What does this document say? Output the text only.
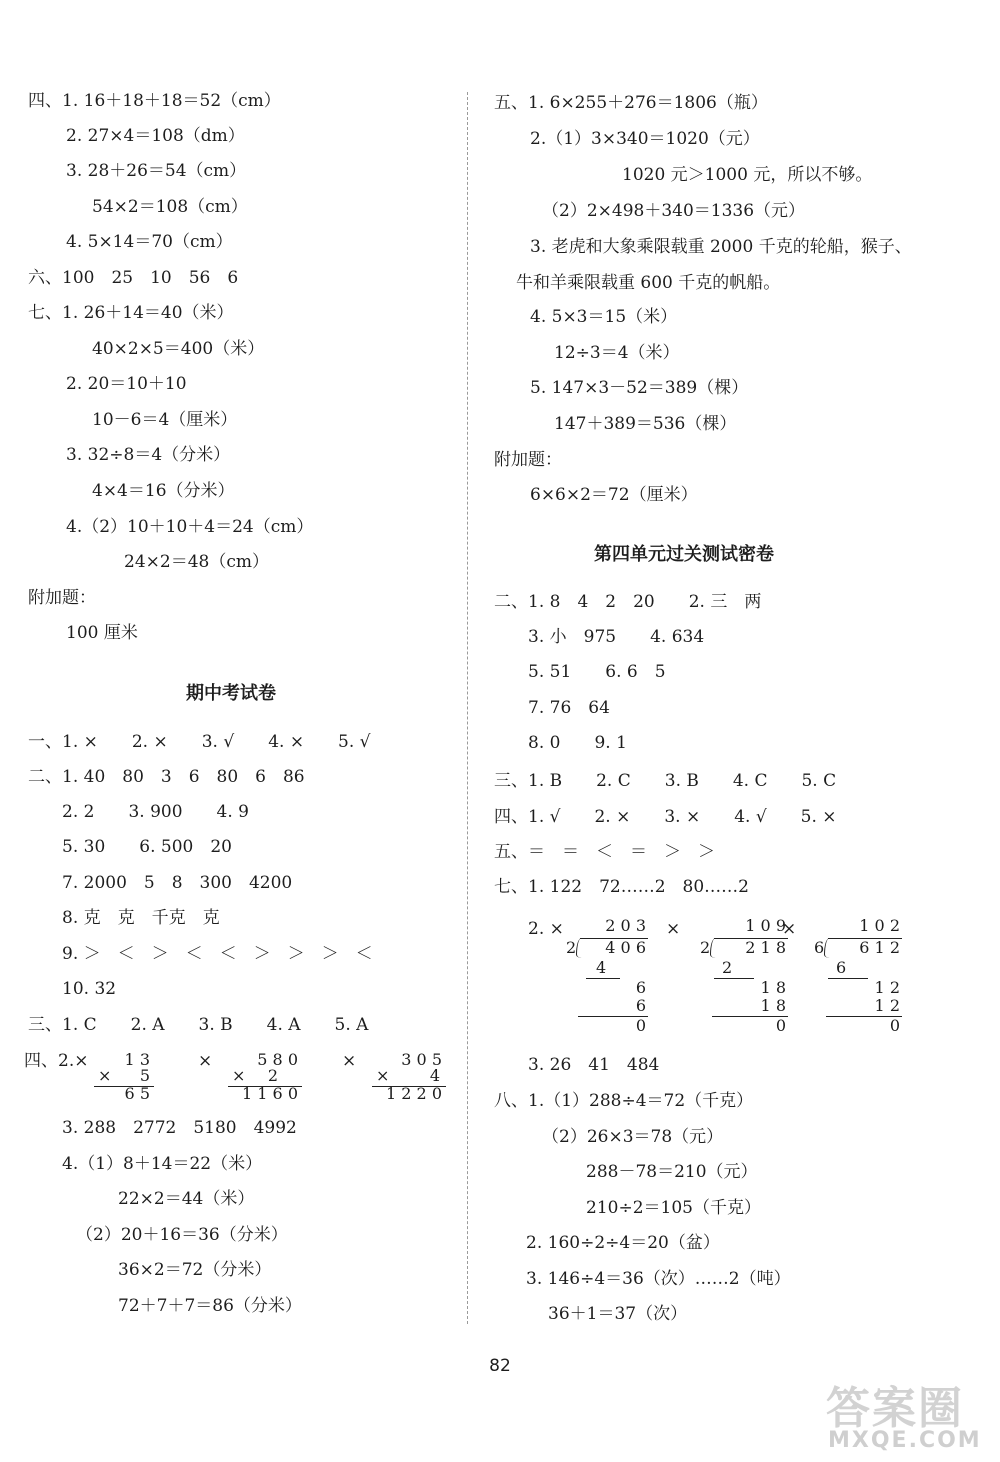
四、1. 16＋18＋18＝52（cm）
2. 27×4＝108（dm）
3. 28＋26＝54（cm）
54×2＝108（cm）
4. 5×14＝70（cm）
六、100　25　10　56　6
七、1. 26＋14＝40（米）
40×2×5＝400（米）
2. 20＝10＋10
10－6＝4（厘米）
3. 32÷8＝4（分米）
4×4＝16（分米）
4.（2）10＋10＋4＝24（cm）
24×2＝48（cm）
附加题：
100 厘米
期中考试卷
一、1. ×　　2. ×　　3. √　　4. ×　　5. √
二、1. 40　80　3　6　80　6　86
2. 2　　3. 900　　4. 9
5. 30　　6. 500　20
7. 2000　5　8　300　4200
8. 克　克　千克　克
9. ＞　＜　＞　＜　＜　＞　＞　＞　＜
10. 32
三、1. C　　2. A　　3. B　　4. A　　5. A
四、2.× 1 3
× 5
6 5
×	5 8 0
× 2
1 1 6 0
×	3 0 5
×	4
1 2 2 0
3. 288　2772　5180　4992
4.（1）8＋14＝22（米）
22×2＝44（米）
（2）20＋16＝36（分米）
36×2＝72（分米）
72＋7＋7＝86（分米）
五、1. 6×255＋276＝1806（瓶）
2.（1）3×340＝1020（元）
1020 元＞1000 元，所以不够。
（2）2×498＋340＝1336（元）
3. 老虎和大象乘限载重 2000 千克的轮船，猴子、
牛和羊乘限载重 600 千克的帆船。
4. 5×3＝15（米）
12÷3＝4（米）
5. 147×3－52＝389（棵）
147＋389＝536（棵）
附加题：
6×6×2＝72（厘米）
第四单元过关测试密卷
二、1. 8　4　2　20　　2. 三　两
3. 小　975　　4. 634
5. 51　　6. 6　5
7. 76　64
8. 0　　9. 1
三、1. B　　2. C　　3. B　　4. C　　5. C
四、1. √　　2. ×　　3. ×　　4. √　　5. ×
五、＝　＝　＜　＝　＞　＞
七、1. 122　72……2　80……2
2. ×	2 0 3
2 4 0 6
4
6
6
0
×	1 0 9
2 2 1 8
2
1 8
1 8
0
×	1 0 2
6 6 1 2
6
1 2
1 2
0
3. 26　41　484
八、1.（1）288÷4＝72（千克）
（2）26×3＝78（元）
288－78＝210（元）
210÷2＝105（千克）
2. 160÷2÷4＝20（盆）
3. 146÷4＝36（次）……2（吨）
36＋1＝37（次）
82
答案圈
MXQE.COM
